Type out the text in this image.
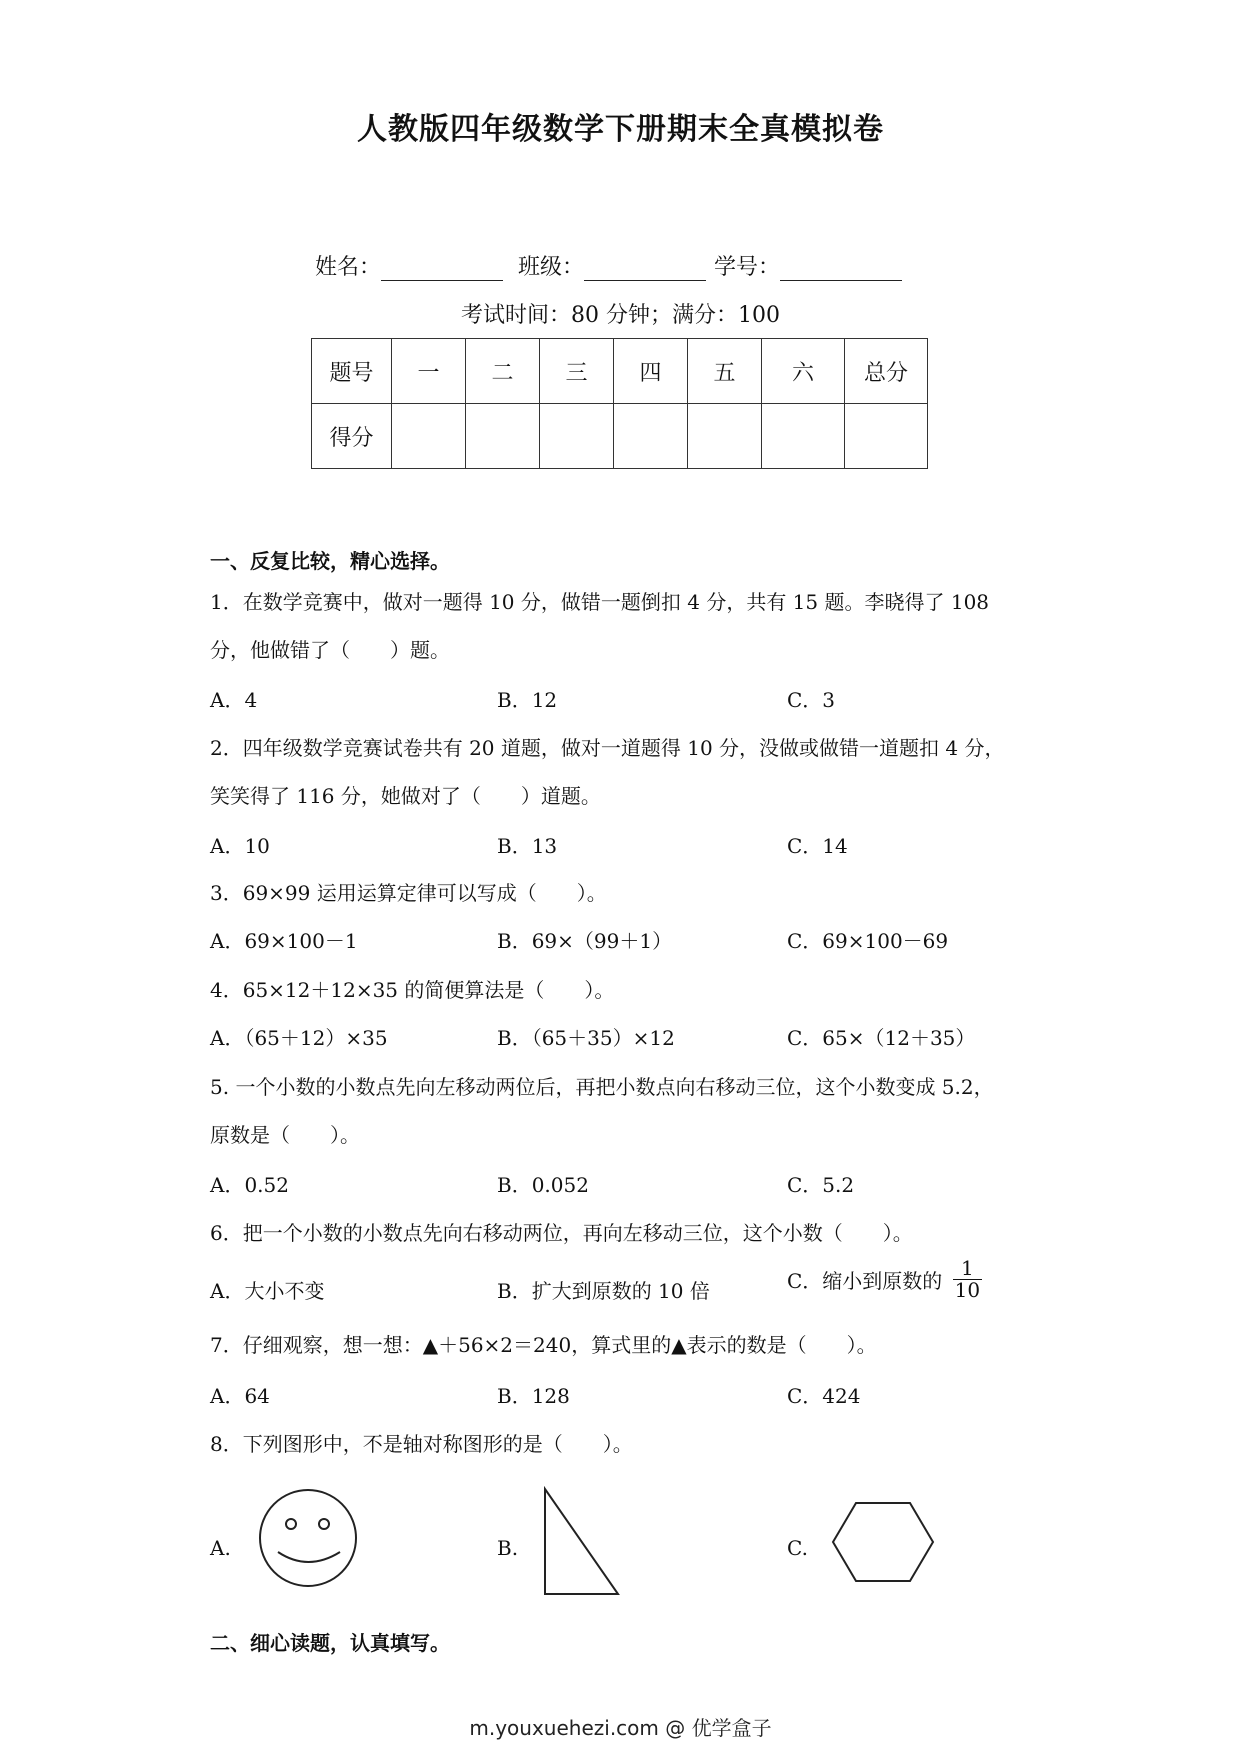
人教版四年级数学下册期末全真模拟卷
姓名：	班级：	学号：
考试时间：80 分钟；满分：100
题号	一	二	三	四	五	六	总分
得分							
一、反复比较，精心选择。
1．在数学竞赛中，做对一题得 10 分，做错一题倒扣 4 分，共有 15 题。李晓得了 108
分，他做错了（　　）题。
A．4	B．12	C．3
2．四年级数学竞赛试卷共有 20 道题，做对一道题得 10 分，没做或做错一道题扣 4 分，
笑笑得了 116 分，她做对了（　　）道题。
A．10	B．13	C．14
3．69×99 运用运算定律可以写成（　　）。
A．69×100－1	B．69×（99＋1）	C．69×100－69
4．65×12＋12×35 的简便算法是（　　）。
A．（65＋12）×35	B．（65＋35）×12	C．65×（12＋35）
5. 一个小数的小数点先向左移动两位后，再把小数点向右移动三位，这个小数变成 5.2，
原数是（　　）。
A．0.52	B．0.052	C．5.2
6．把一个小数的小数点先向右移动两位，再向左移动三位，这个小数（　　）。
A．大小不变	B．扩大到原数的 10 倍	C．缩小到原数的 $\frac{1}{10}$
7．仔细观察，想一想：▲＋56×2＝240，算式里的▲表示的数是（　　）。
A．64	B．128	C．424
8．下列图形中，不是轴对称图形的是（　　）。
A.	B.	C.
二、细心读题，认真填写。
m.youxuehezi.com @ 优学盒子
